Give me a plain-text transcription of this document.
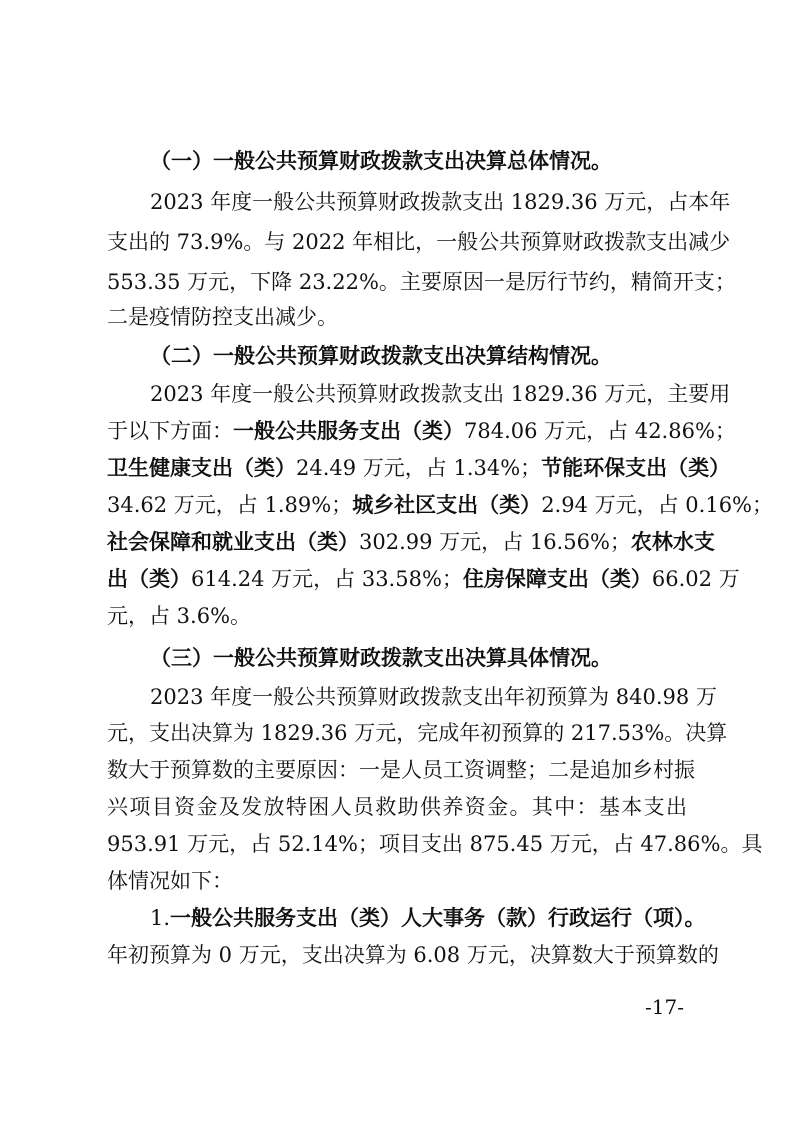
（一）一般公共预算财政拨款支出决算总体情况。
2023 年度一般公共预算财政拨款支出 1829.36 万元，占本年
支出的 73.9%。与 2022 年相比，一般公共预算财政拨款支出减少
553.35 万元，下降 23.22%。主要原因一是厉行节约，精简开支；
二是疫情防控支出减少。
（二）一般公共预算财政拨款支出决算结构情况。
2023 年度一般公共预算财政拨款支出 1829.36 万元，主要用
于以下方面：一般公共服务支出（类）784.06 万元，占 42.86%；
卫生健康支出（类）24.49 万元，占 1.34%；节能环保支出（类）
34.62 万元，占 1.89%；城乡社区支出（类）2.94 万元，占 0.16%；
社会保障和就业支出（类）302.99 万元，占 16.56%；农林水支
出（类）614.24 万元，占 33.58%；住房保障支出（类）66.02 万
元，占 3.6%。
（三）一般公共预算财政拨款支出决算具体情况。
2023 年度一般公共预算财政拨款支出年初预算为 840.98 万
元，支出决算为 1829.36 万元，完成年初预算的 217.53%。决算
数大于预算数的主要原因：一是人员工资调整；二是追加乡村振
兴项目资金及发放特困人员救助供养资金。其中：基本支出
953.91 万元，占 52.14%；项目支出 875.45 万元，占 47.86%。具
体情况如下：
1.一般公共服务支出（类）人大事务（款）行政运行（项）。
年初预算为 0 万元，支出决算为 6.08 万元，决算数大于预算数的
-17-
